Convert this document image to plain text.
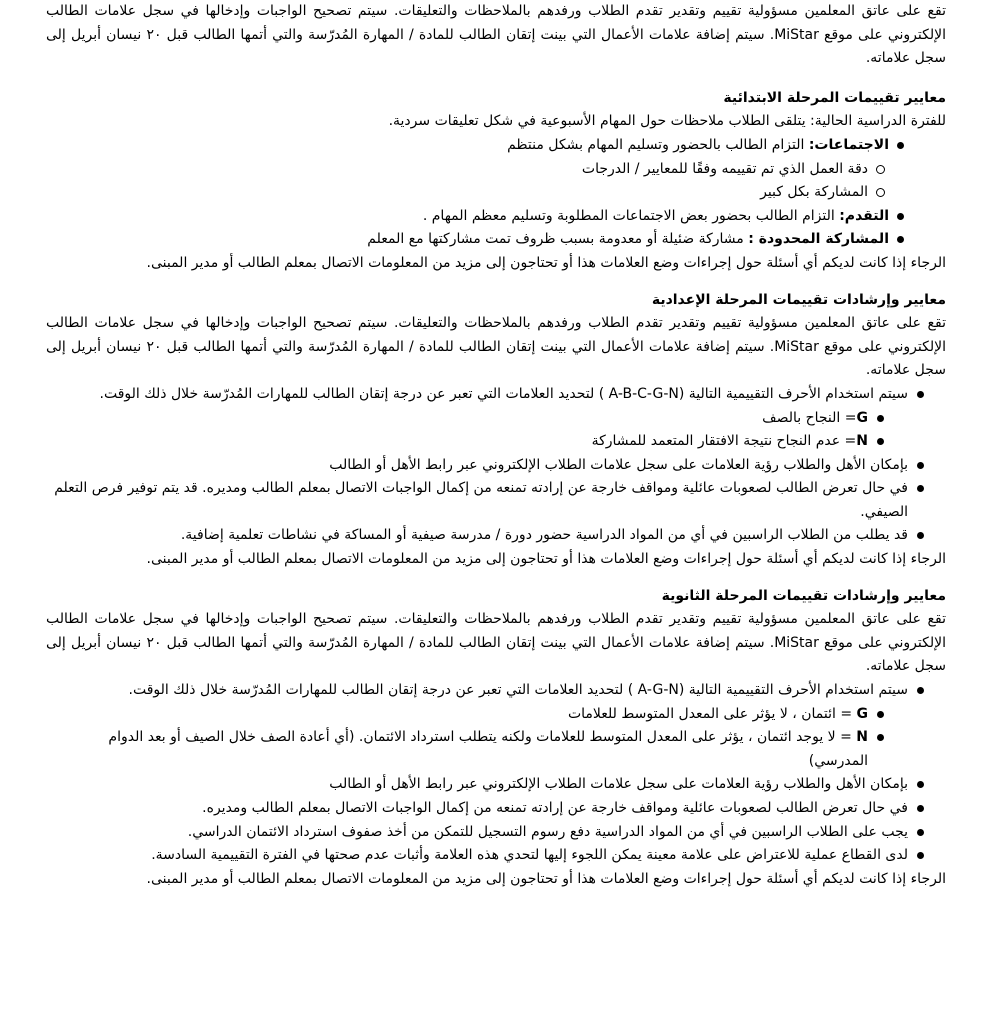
تقع على عاتق المعلمين مسؤولية تقييم وتقدير تقدم الطلاب ورفدهم بالملاحظات والتعليقات. سيتم تصحيح الواجبات وإدخالها في سجل علامات الطالب الإلكتروني على موقع MiStar. سيتم إضافة علامات الأعمال التي بينت إتقان الطالب للمادة / المهارة المُدرّسة والتي أتمها الطالب قبل ٢٠ نيسان أبريل إلى سجل علاماته.

معايير تقييمات المرحلة الابتدائية

للفترة الدراسية الحالية: يتلقى الطلاب ملاحظات حول المهام الأسبوعية في شكل تعليقات سردية.

الاجتماعات: التزام الطالب بالحضور وتسليم المهام بشكل منتظم
دقة العمل الذي تم تقييمه وفقًا للمعايير / الدرجات
المشاركة بكل كبير
التقدم: التزام الطالب بحضور بعض الاجتماعات المطلوبة وتسليم معظم المهام .
المشاركة المحدودة : مشاركة ضئيلة أو معدومة بسبب ظروف تمت مشاركتها مع المعلم

الرجاء إذا كانت لديكم أي أسئلة حول إجراءات وضع العلامات هذا أو تحتاجون إلى مزيد من المعلومات الاتصال بمعلم الطالب أو مدير المبنى.

معايير وإرشادات تقييمات المرحلة الإعدادية

تقع على عاتق المعلمين مسؤولية تقييم وتقدير تقدم الطلاب ورفدهم بالملاحظات والتعليقات. سيتم تصحيح الواجبات وإدخالها في سجل علامات الطالب الإلكتروني على موقع MiStar. سيتم إضافة علامات الأعمال التي بينت إتقان الطالب للمادة / المهارة المُدرّسة والتي أتمها الطالب قبل ٢٠ نيسان أبريل إلى سجل علاماته.

سيتم استخدام الأحرف التقييمية التالية ( A-B-C-G-N) لتحديد العلامات التي تعبر عن درجة إتقان الطالب للمهارات المُدرّسة خلال ذلك الوقت.
G= النجاح بالصف
N= عدم النجاح نتيجة الافتقار المتعمد للمشاركة
بإمكان الأهل والطلاب رؤية العلامات على سجل علامات الطلاب الإلكتروني عبر رابط الأهل أو الطالب
في حال تعرض الطالب لصعوبات عائلية ومواقف خارجة عن إرادته تمنعه من إكمال الواجبات الاتصال بمعلم الطالب ومديره. قد يتم توفير فرص التعلم الصيفي.
قد يطلب من الطلاب الراسبين في أي من المواد الدراسية حضور دورة / مدرسة صيفية أو المساكة في نشاطات تعلمية إضافية.

الرجاء إذا كانت لديكم أي أسئلة حول إجراءات وضع العلامات هذا أو تحتاجون إلى مزيد من المعلومات الاتصال بمعلم الطالب أو مدير المبنى.

معايير وإرشادات تقييمات المرحلة الثانوية

تقع على عاتق المعلمين مسؤولية تقييم وتقدير تقدم الطلاب ورفدهم بالملاحظات والتعليقات. سيتم تصحيح الواجبات وإدخالها في سجل علامات الطالب الإلكتروني على موقع MiStar. سيتم إضافة علامات الأعمال التي بينت إتقان الطالب للمادة / المهارة المُدرّسة والتي أتمها الطالب قبل ٢٠ نيسان أبريل إلى سجل علاماته.

سيتم استخدام الأحرف التقييمية التالية ( A-G-N) لتحديد العلامات التي تعبر عن درجة إتقان الطالب للمهارات المُدرّسة خلال ذلك الوقت.
G = ائتمان ، لا يؤثر على المعدل المتوسط للعلامات
N = لا يوجد ائتمان ، يؤثر على المعدل المتوسط للعلامات ولكنه يتطلب استرداد الائتمان. (أي أعادة الصف خلال الصيف أو بعد الدوام المدرسي)
بإمكان الأهل والطلاب رؤية العلامات على سجل علامات الطلاب الإلكتروني عبر رابط الأهل أو الطالب
في حال تعرض الطالب لصعوبات عائلية ومواقف خارجة عن إرادته تمنعه من إكمال الواجبات الاتصال بمعلم الطالب ومديره.
يجب على الطلاب الراسبين في أي من المواد الدراسية دفع رسوم التسجيل للتمكن من أخذ صفوف استرداد الائتمان الدراسي.
لدى القطاع عملية للاعتراض على علامة معينة يمكن اللجوء إليها لتحدي هذه العلامة وأثبات عدم صحتها في الفترة التقييمية السادسة.

الرجاء إذا كانت لديكم أي أسئلة حول إجراءات وضع العلامات هذا أو تحتاجون إلى مزيد من المعلومات الاتصال بمعلم الطالب أو مدير المبنى.
